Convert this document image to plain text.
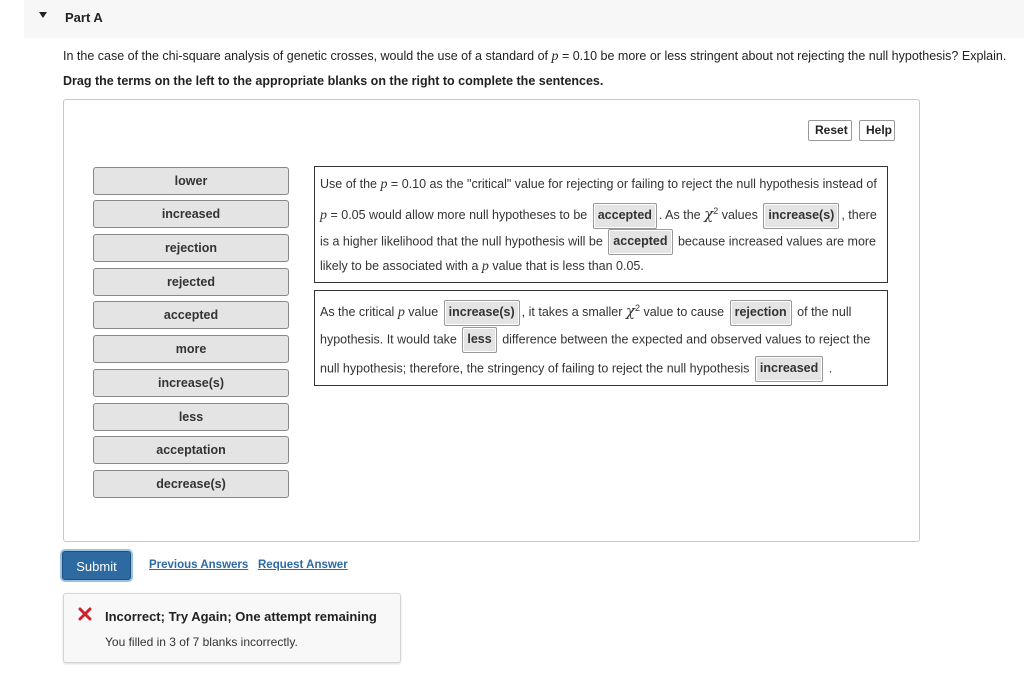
Part A
In the case of the chi-square analysis of genetic crosses, would the use of a standard of p = 0.10 be more or less stringent about not rejecting the null hypothesis? Explain.
Drag the terms on the left to the appropriate blanks on the right to complete the sentences.
Reset	Help
lower
increased
rejection
rejected
accepted
more
increase(s)
less
acceptation
decrease(s)
Use of the p = 0.10 as the "critical" value for rejecting or failing to reject the null hypothesis instead of
p = 0.05 would allow more null hypotheses to be accepted . As the $\chi^2$ values increase(s) , there
is a higher likelihood that the null hypothesis will be accepted because increased values are more
likely to be associated with a p value that is less than 0.05.
As the critical p value increase(s) , it takes a smaller $\chi^2$ value to cause rejection of the null
hypothesis. It would take less difference between the expected and observed values to reject the
null hypothesis; therefore, the stringency of failing to reject the null hypothesis increased .
Submit	Previous Answers Request Answer
Incorrect; Try Again; One attempt remaining
You filled in 3 of 7 blanks incorrectly.
